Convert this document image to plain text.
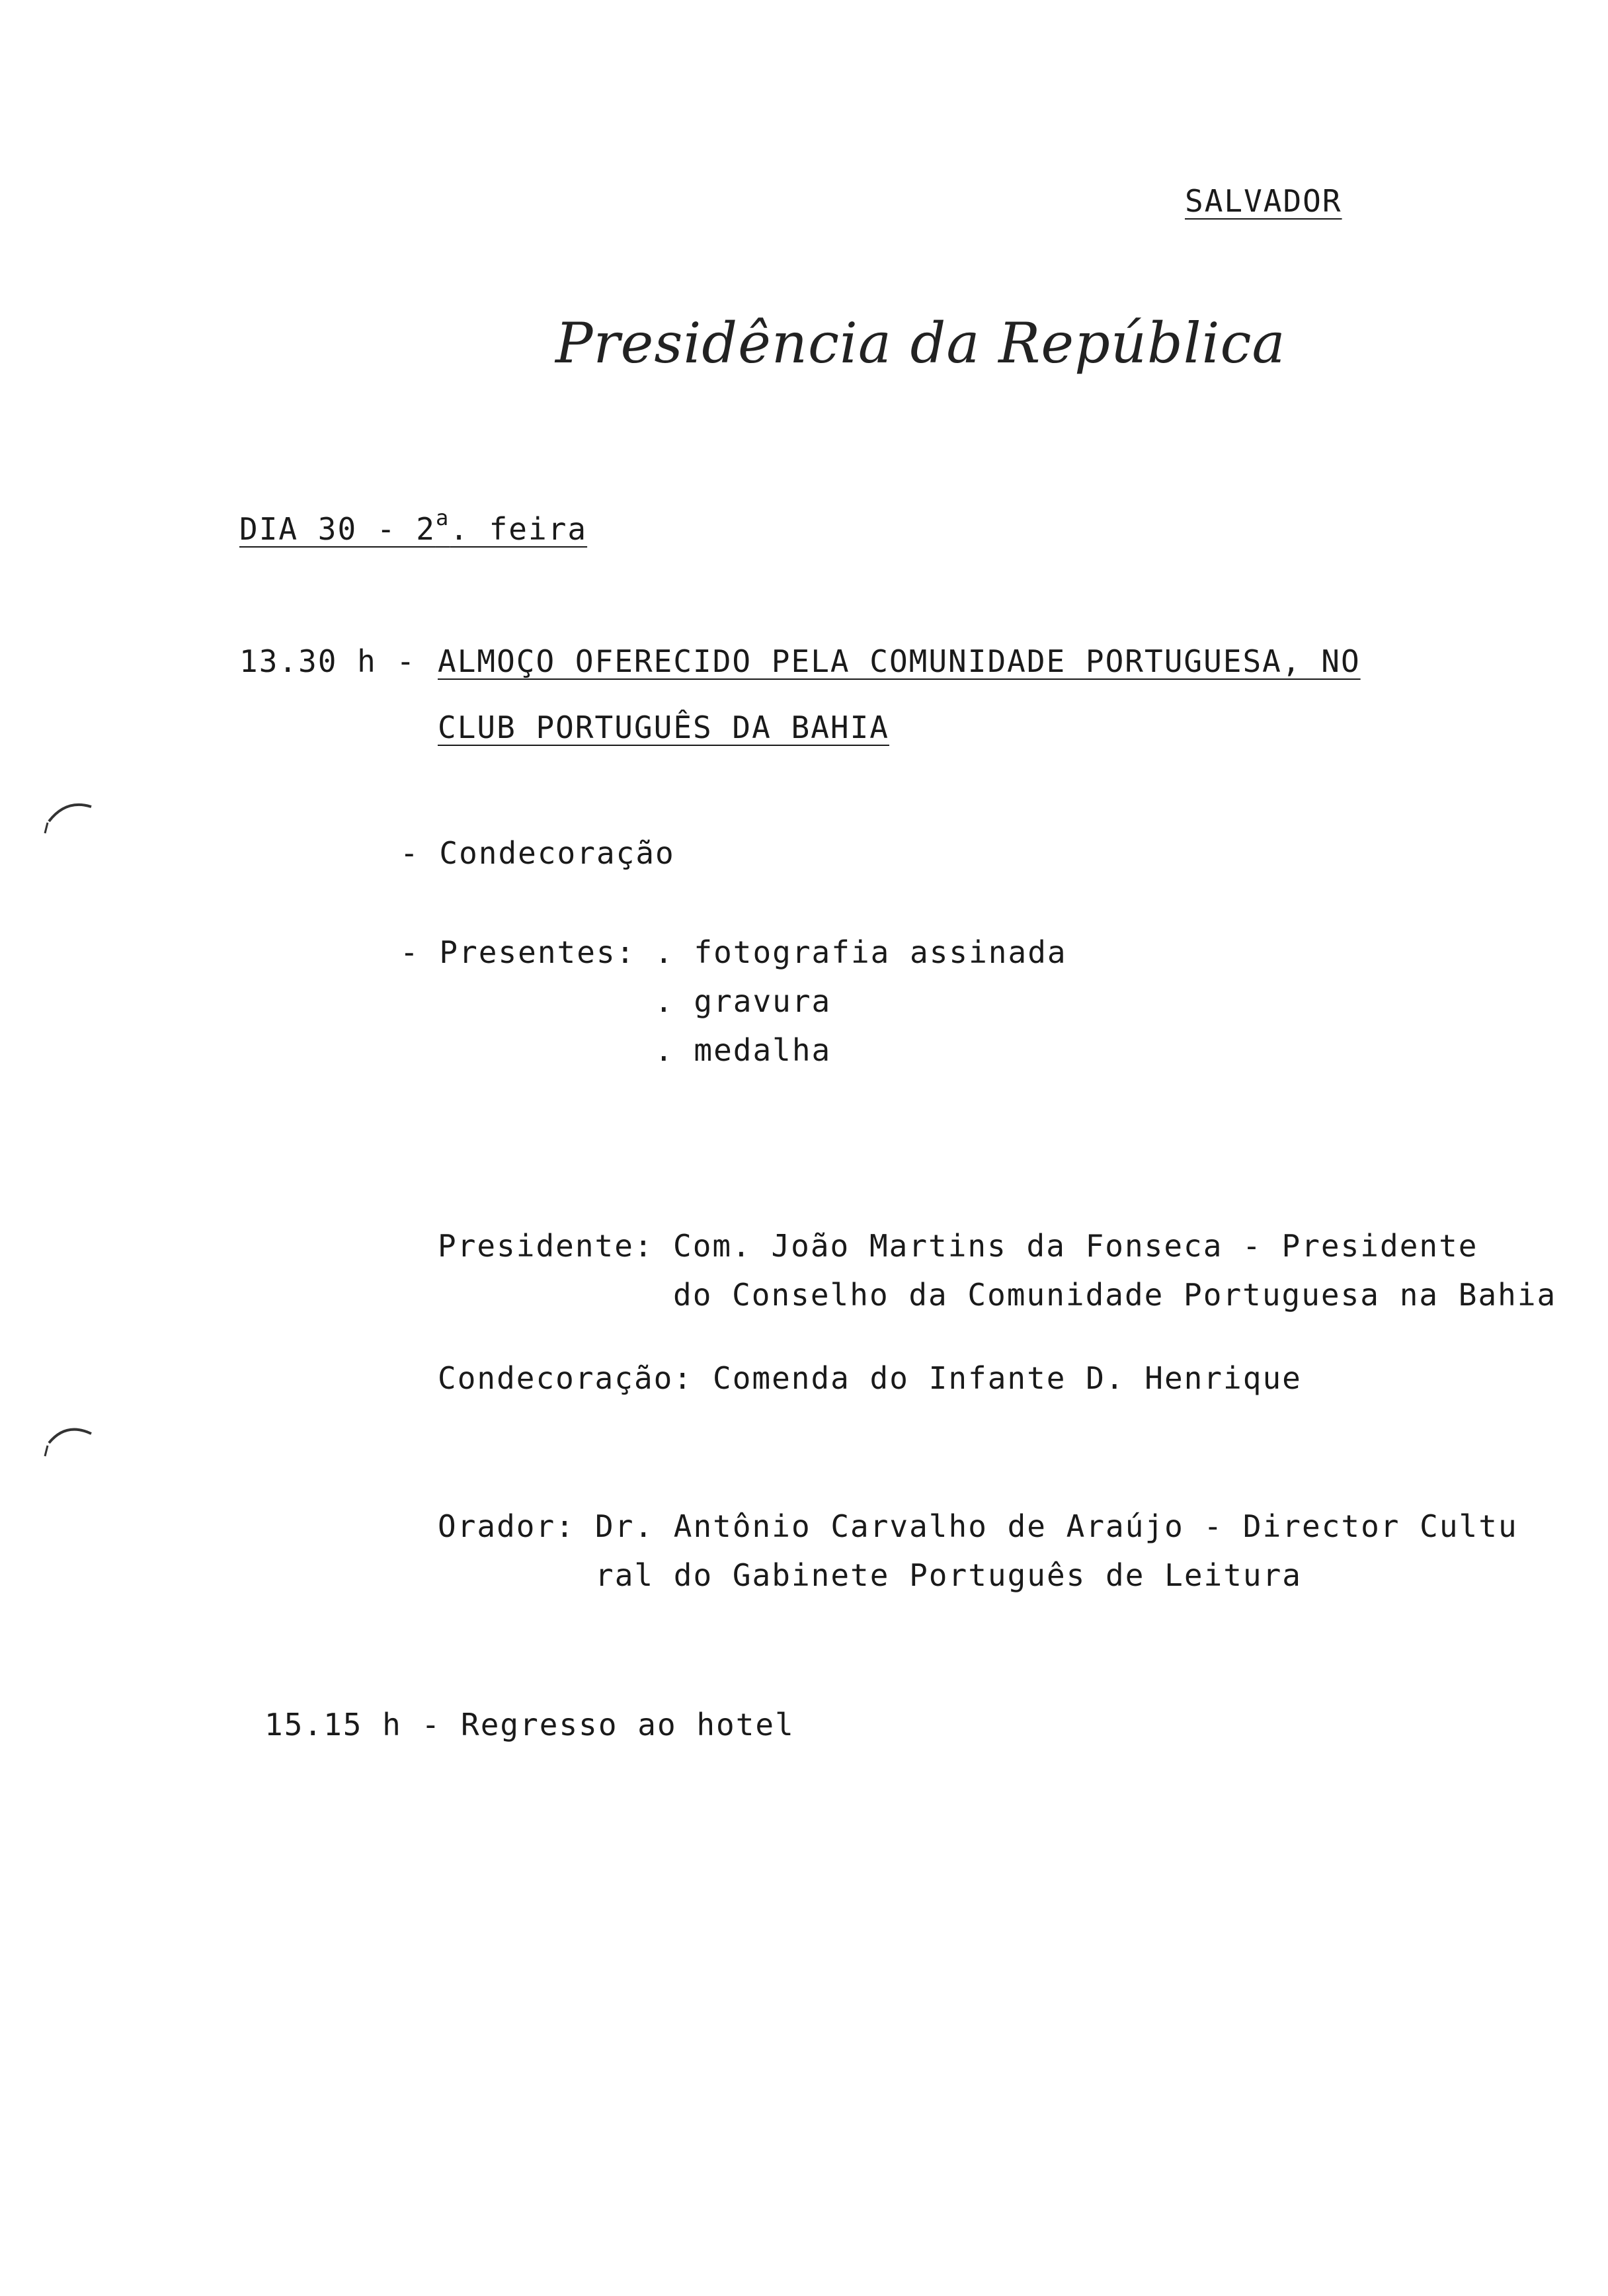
SALVADOR
Presidência da República
DIA 30 - 2$^a$. feira
13.30 h - ALMOÇO OFERECIDO PELA COMUNIDADE PORTUGUESA, NO
CLUB PORTUGUÊS DA BAHIA
- Condecoração
- Presentes: . fotografia assinada
. gravura
. medalha
Presidente: Com. João Martins da Fonseca - Presidente
do Conselho da Comunidade Portuguesa na Bahia
Condecoração: Comenda do Infante D. Henrique
Orador: Dr. Antônio Carvalho de Araújo - Director Cultu
ral do Gabinete Português de Leitura
15.15 h - Regresso ao hotel
